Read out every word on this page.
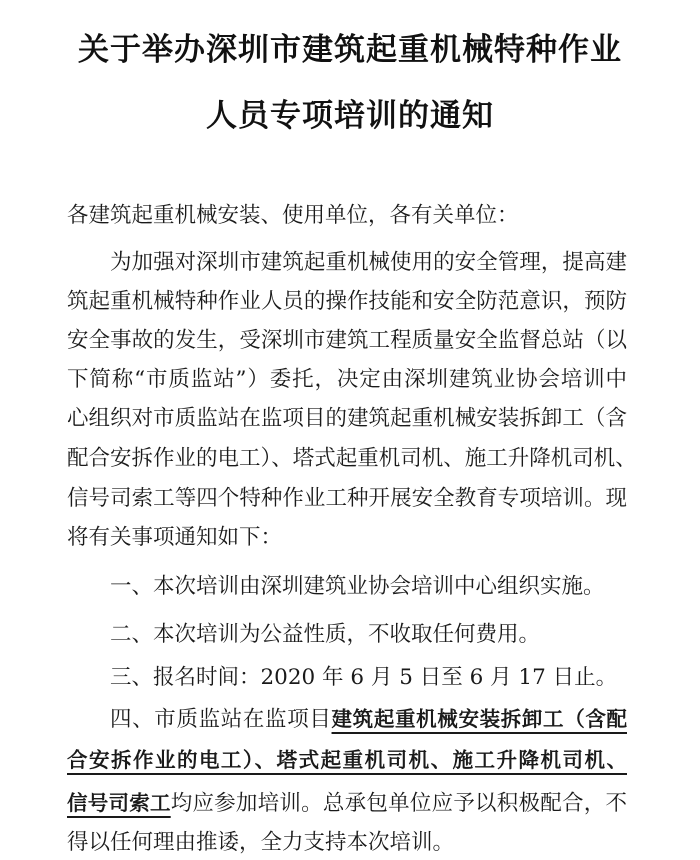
关于举办深圳市建筑起重机械特种作业
人员专项培训的通知
各建筑起重机械安装、使用单位，各有关单位：
为加强对深圳市建筑起重机械使用的安全管理，提高建
筑起重机械特种作业人员的操作技能和安全防范意识，预防
安全事故的发生，受深圳市建筑工程质量安全监督总站（以
下简称“市质监站”）委托，决定由深圳建筑业协会培训中
心组织对市质监站在监项目的建筑起重机械安装拆卸工（含
配合安拆作业的电工）、塔式起重机司机、施工升降机司机、
信号司索工等四个特种作业工种开展安全教育专项培训。现
将有关事项通知如下：
一、本次培训由深圳建筑业协会培训中心组织实施。
二、本次培训为公益性质，不收取任何费用。
三、报名时间：2020 年 6 月 5 日至 6 月 17 日止。
四、市质监站在监项目建筑起重机械安装拆卸工（含配
合安拆作业的电工）、塔式起重机司机、施工升降机司机、
信号司索工均应参加培训。总承包单位应予以积极配合，不
得以任何理由推诿，全力支持本次培训。
